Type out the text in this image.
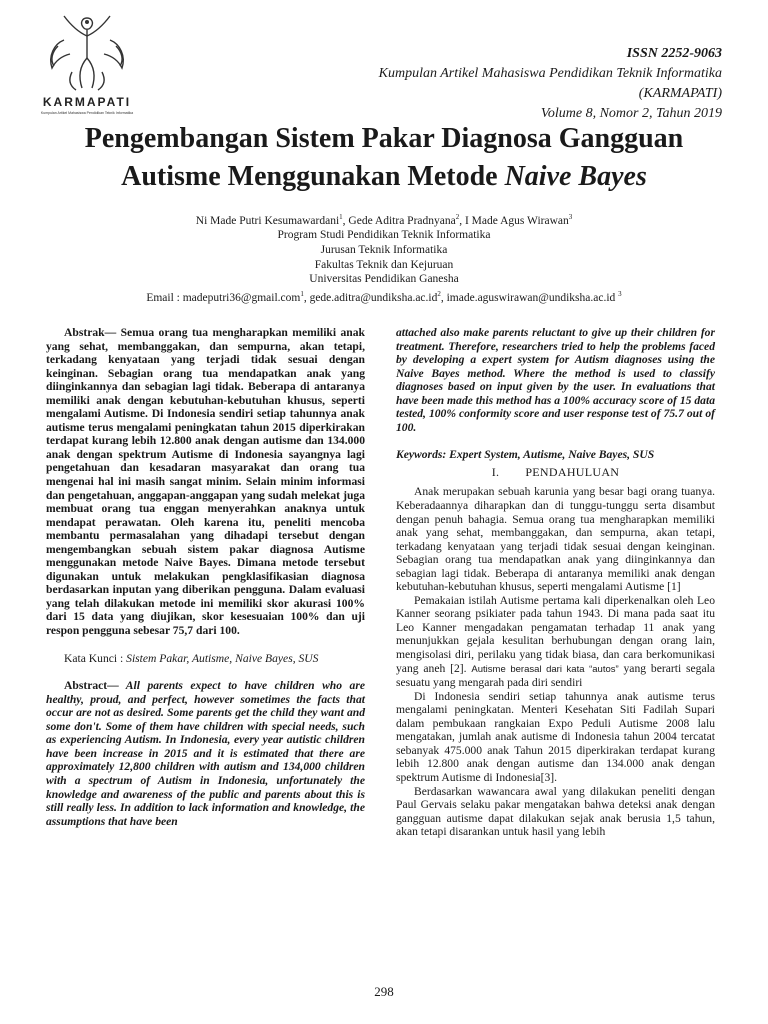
KARMAPATI
Kumpulan Artikel Mahasiswa Pendidikan Teknik Informatika
ISSN 2252-9063
Kumpulan Artikel Mahasiswa Pendidikan Teknik Informatika
(KARMAPATI)
Volume 8, Nomor 2, Tahun 2019
Pengembangan Sistem Pakar Diagnosa Gangguan
Autisme Menggunakan Metode Naive Bayes
Ni Made Putri Kesumawardani$^1$, Gede Aditra Pradnyana$^2$, I Made Agus Wirawan$^3$
Program Studi Pendidikan Teknik Informatika
Jurusan Teknik Informatika
Fakultas Teknik dan Kejuruan
Universitas Pendidikan Ganesha
Email : madeputri36@gmail.com$^1$, $gede.aditra@undiksha.ac.id^2$, imade.aguswirawan@undiksha.ac.id $^3$

Abstrak— Semua orang tua mengharapkan memiliki anak yang sehat, membanggakan, dan sempurna, akan tetapi, terkadang kenyataan yang terjadi tidak sesuai dengan keinginan. Sebagian orang tua mendapatkan anak yang diinginkannya dan sebagian lagi tidak. Beberapa di antaranya memiliki anak dengan kebutuhan-kebutuhan khusus, seperti mengalami Autisme. Di Indonesia sendiri setiap tahunnya anak autisme terus mengalami peningkatan tahun 2015 diperkirakan terdapat kurang lebih 12.800 anak dengan autisme dan 134.000 anak dengan spektrum Autisme di Indonesia sayangnya lagi pengetahuan dan kesadaran masyarakat dan orang tua mengenai hal ini masih sangat minim. Selain minim informasi dan pengetahuan, anggapan-anggapan yang sudah melekat juga membuat orang tua enggan menyerahkan anaknya untuk mendapat perawatan. Oleh karena itu, peneliti mencoba membantu permasalahan yang dihadapi tersebut dengan mengembangkan sebuah sistem pakar diagnosa Autisme menggunakan metode Naive Bayes. Dimana metode tersebut digunakan untuk melakukan pengklasifikasian diagnosa berdasarkan inputan yang diberikan pengguna. Dalam evaluasi yang telah dilakukan metode ini memiliki skor akurasi 100% dari 15 data yang diujikan, skor kesesuaian 100% dan uji respon pengguna sebesar 75,7 dari 100.

Kata Kunci : Sistem Pakar, Autisme, Naive Bayes, SUS

Abstract— All parents expect to have children who are healthy, proud, and perfect, however sometimes the facts that occur are not as desired. Some parents get the child they want and some don't. Some of them have children with special needs, such as experiencing Autism. In Indonesia, every year autistic children have been increase in 2015 and it is estimated that there are approximately 12,800 children with autism and 134,000 children with a spectrum of Autism in Indonesia, unfortunately the knowledge and awareness of the public and parents about this is still really less. In addition to lack information and knowledge, the assumptions that have been

attached also make parents reluctant to give up their children for treatment. Therefore, researchers tried to help the problems faced by developing a expert system for Autism diagnoses using the Naive Bayes method. Where the method is used to classify diagnoses based on input given by the user. In evaluations that have been made this method has a 100% accuracy score of 15 data tested, 100% conformity score and user response test of 75.7 out of 100.

Keywords: Expert System, Autisme, Naive Bayes, SUS

I. PENDAHULUAN

Anak merupakan sebuah karunia yang besar bagi orang tuanya. Keberadaannya diharapkan dan di tunggu-tunggu serta disambut dengan penuh bahagia. Semua orang tua mengharapkan memiliki anak yang sehat, membanggakan, dan sempurna, akan tetapi, terkadang kenyataan yang terjadi tidak sesuai dengan keinginan. Sebagian orang tua mendapatkan anak yang diinginkannya dan sebagian lagi tidak. Beberapa di antaranya memiliki anak dengan kebutuhan-kebutuhan khusus, seperti mengalami Autisme [1]

Pemakaian istilah Autisme pertama kali diperkenalkan oleh Leo Kanner seorang psikiater pada tahun 1943. Di mana pada saat itu Leo Kanner mengadakan pengamatan terhadap 11 anak yang menunjukkan gejala kesulitan berhubungan dengan orang lain, mengisolasi diri, perilaku yang tidak biasa, dan cara berkomunikasi yang aneh [2]. Autisme berasal dari kata “autos” yang berarti segala sesuatu yang mengarah pada diri sendiri

Di Indonesia sendiri setiap tahunnya anak autisme terus mengalami peningkatan. Menteri Kesehatan Siti Fadilah Supari dalam pembukaan rangkaian Expo Peduli Autisme 2008 lalu mengatakan, jumlah anak autisme di Indonesia tahun 2004 tercatat sebanyak 475.000 anak Tahun 2015 diperkirakan terdapat kurang lebih 12.800 anak dengan autisme dan 134.000 anak dengan spektrum Autisme di Indonesia[3].

Berdasarkan wawancara awal yang dilakukan peneliti dengan Paul Gervais selaku pakar mengatakan bahwa deteksi anak dengan gangguan autisme dapat dilakukan sejak anak berusia 1,5 tahun, akan tetapi disarankan untuk hasil yang lebih

298
